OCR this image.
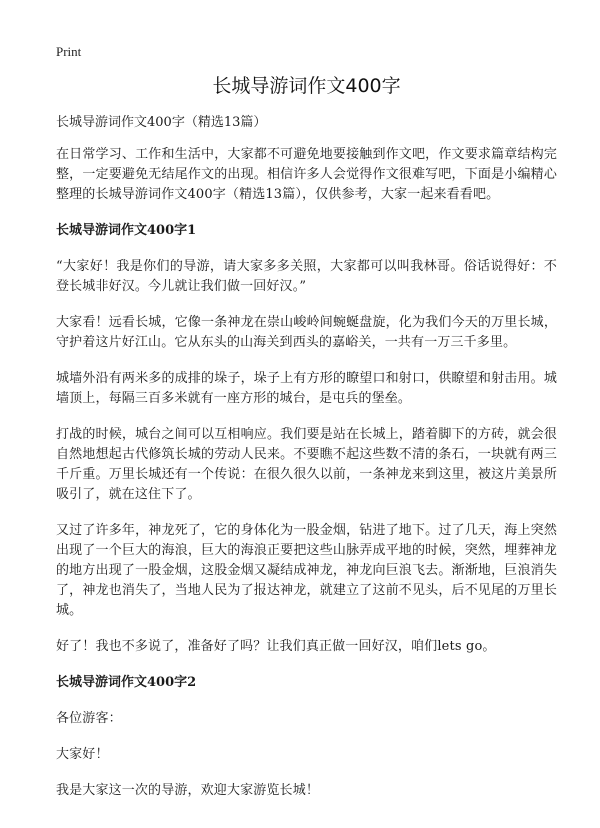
Print
长城导游词作文400字
长城导游词作文400字（精选13篇）

在日常学习、工作和生活中，大家都不可避免地要接触到作文吧，作文要求篇章结构完整，一定要避免无结尾作文的出现。相信许多人会觉得作文很难写吧，下面是小编精心整理的长城导游词作文400字（精选13篇），仅供参考，大家一起来看看吧。

长城导游词作文400字1

“大家好！我是你们的导游，请大家多多关照，大家都可以叫我林哥。俗话说得好：不登长城非好汉。今儿就让我们做一回好汉。”

大家看！远看长城，它像一条神龙在崇山峻岭间蜿蜒盘旋，化为我们今天的万里长城，守护着这片好江山。它从东头的山海关到西头的嘉峪关，一共有一万三千多里。

城墙外沿有两米多的成排的垛子，垛子上有方形的瞭望口和射口，供瞭望和射击用。城墙顶上，每隔三百多米就有一座方形的城台，是屯兵的堡垒。

打战的时候，城台之间可以互相响应。我们要是站在长城上，踏着脚下的方砖，就会很自然地想起古代修筑长城的劳动人民来。不要瞧不起这些数不清的条石，一块就有两三千斤重。万里长城还有一个传说：在很久很久以前，一条神龙来到这里，被这片美景所吸引了，就在这住下了。

又过了许多年，神龙死了，它的身体化为一股金烟，钻进了地下。过了几天，海上突然出现了一个巨大的海浪，巨大的海浪正要把这些山脉弄成平地的时候，突然，埋葬神龙的地方出现了一股金烟，这股金烟又凝结成神龙，神龙向巨浪飞去。渐渐地，巨浪消失了，神龙也消失了，当地人民为了报达神龙，就建立了这前不见头，后不见尾的万里长城。

好了！我也不多说了，准备好了吗？让我们真正做一回好汉，咱们lets go。

长城导游词作文400字2

各位游客：

大家好！

我是大家这一次的导游，欢迎大家游览长城！
